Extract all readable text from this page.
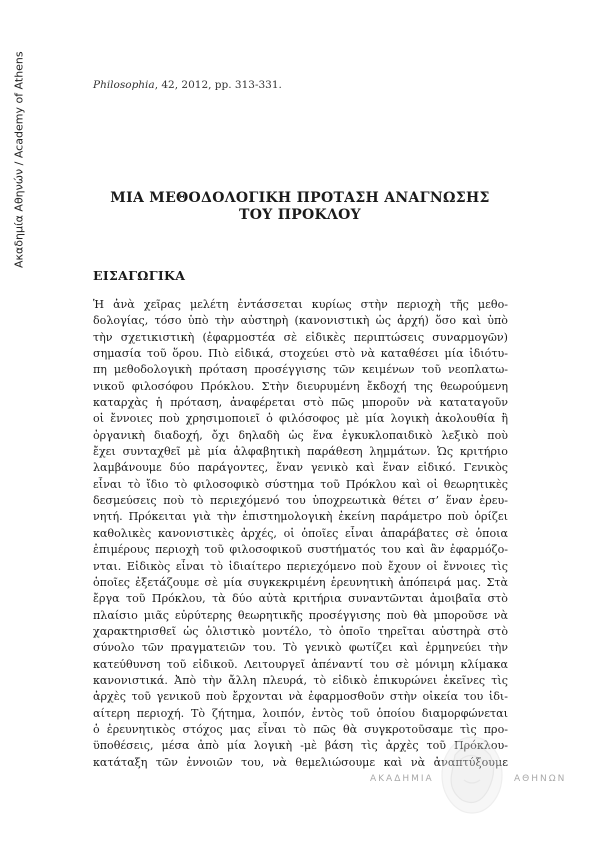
Ακαδημία Αθηνών / Academy of Athens	Philosophia, 42, 2012, pp. 313-331.
ΜΙΑ ΜΕΘΟΔΟΛΟΓΙΚΗ ΠΡΟΤΑΣΗ ΑΝΑΓΝΩΣΗΣ
ΤΟΥ ΠΡΟΚΛΟΥ
ΕΙΣΑΓΩΓΙΚΑ
Ἡ ἀνὰ χεῖρας μελέτη ἐντάσσεται κυρίως στὴν περιοχὴ τῆς μεθο-
δολογίας, τόσο ὑπὸ τὴν αὐστηρὴ (κανονιστικὴ ὡς ἀρχή) ὅσο καὶ ὑπὸ
τὴν σχετικιστικὴ (ἐφαρμοστέα σὲ εἰδικὲς περιπτώσεις συναρμογῶν)
σημασία τοῦ ὅρου. Πιὸ εἰδικά, στοχεύει στὸ νὰ καταθέσει μία ἰδιότυ-
πη μεθοδολογικὴ πρόταση προσέγγισης τῶν κειμένων τοῦ νεοπλατω-
νικοῦ φιλοσόφου Πρόκλου. Στὴν διευρυμένη ἔκδοχή της θεωρούμενη
καταρχὰς ἡ πρόταση, ἀναφέρεται στὸ πῶς μποροῦν νὰ καταταγοῦν
οἱ ἔννοιες ποὺ χρησιμοποιεῖ ὁ φιλόσοφος μὲ μία λογικὴ ἀκολουθία ἢ
ὀργανικὴ διαδοχή, ὄχι δηλαδὴ ὡς ἕνα ἐγκυκλοπαιδικὸ λεξικὸ ποὺ
ἔχει συνταχθεῖ μὲ μία ἀλφαβητικὴ παράθεση λημμάτων. Ὡς κριτήριο
λαμβάνουμε δύο παράγοντες, ἕναν γενικὸ καὶ ἕναν εἰδικό. Γενικὸς
εἶναι τὸ ἴδιο τὸ φιλοσοφικὸ σύστημα τοῦ Πρόκλου καὶ οἱ θεωρητικὲς
δεσμεύσεις ποὺ τὸ περιεχόμενό του ὑποχρεωτικὰ θέτει σ’ ἕναν ἐρευ-
νητή. Πρόκειται γιὰ τὴν ἐπιστημολογικὴ ἐκείνη παράμετρο ποὺ ὁρίζει
καθολικὲς κανονιστικὲς ἀρχές, οἱ ὁποῖες εἶναι ἀπαράβατες σὲ ὁποια
ἐπιμέρους περιοχὴ τοῦ φιλοσοφικοῦ συστήματός του καὶ ἂν ἐφαρμόζο-
νται. Εἰδικὸς εἶναι τὸ ἰδιαίτερο περιεχόμενο ποὺ ἔχουν οἱ ἔννοιες τὶς
ὁποῖες ἐξετάζουμε σὲ μία συγκεκριμένη ἐρευνητικὴ ἀπόπειρά μας. Στὰ
ἔργα τοῦ Πρόκλου, τὰ δύο αὐτὰ κριτήρια συναντῶνται ἀμοιβαῖα στὸ
πλαίσιο μιᾶς εὐρύτερης θεωρητικῆς προσέγγισης ποὺ θὰ μποροῦσε νὰ
χαρακτηρισθεῖ ὡς ὁλιστικὸ μοντέλο, τὸ ὁποῖο τηρεῖται αὐστηρὰ στὸ
σύνολο τῶν πραγματειῶν του. Τὸ γενικὸ φωτίζει καὶ ἑρμηνεύει τὴν
κατεύθυνση τοῦ εἰδικοῦ. Λειτουργεῖ ἀπέναντί του σὲ μόνιμη κλίμακα
κανονιστικά. Ἀπὸ τὴν ἄλλη πλευρά, τὸ εἰδικὸ ἐπικυρώνει ἐκεῖνες τὶς
ἀρχὲς τοῦ γενικοῦ ποὺ ἔρχονται νὰ ἐφαρμοσθοῦν στὴν οἰκεία του ἰδι-
αίτερη περιοχή. Τὸ ζήτημα, λοιπόν, ἐντὸς τοῦ ὁποίου διαμορφώνεται
ὁ ἐρευνητικὸς στόχος μας εἶναι τὸ πῶς θὰ συγκροτοῦσαμε τὶς προ-
ϋποθέσεις, μέσα ἀπὸ μία λογικὴ -μὲ βάση τὶς ἀρχὲς τοῦ Πρόκλου-
κατάταξη τῶν ἐννοιῶν του, νὰ θεμελιώσουμε καὶ νὰ ἀναπτύξουμε
ΑΚΑΔΗΜΙΑ	ΑΘΗΝΩΝ
